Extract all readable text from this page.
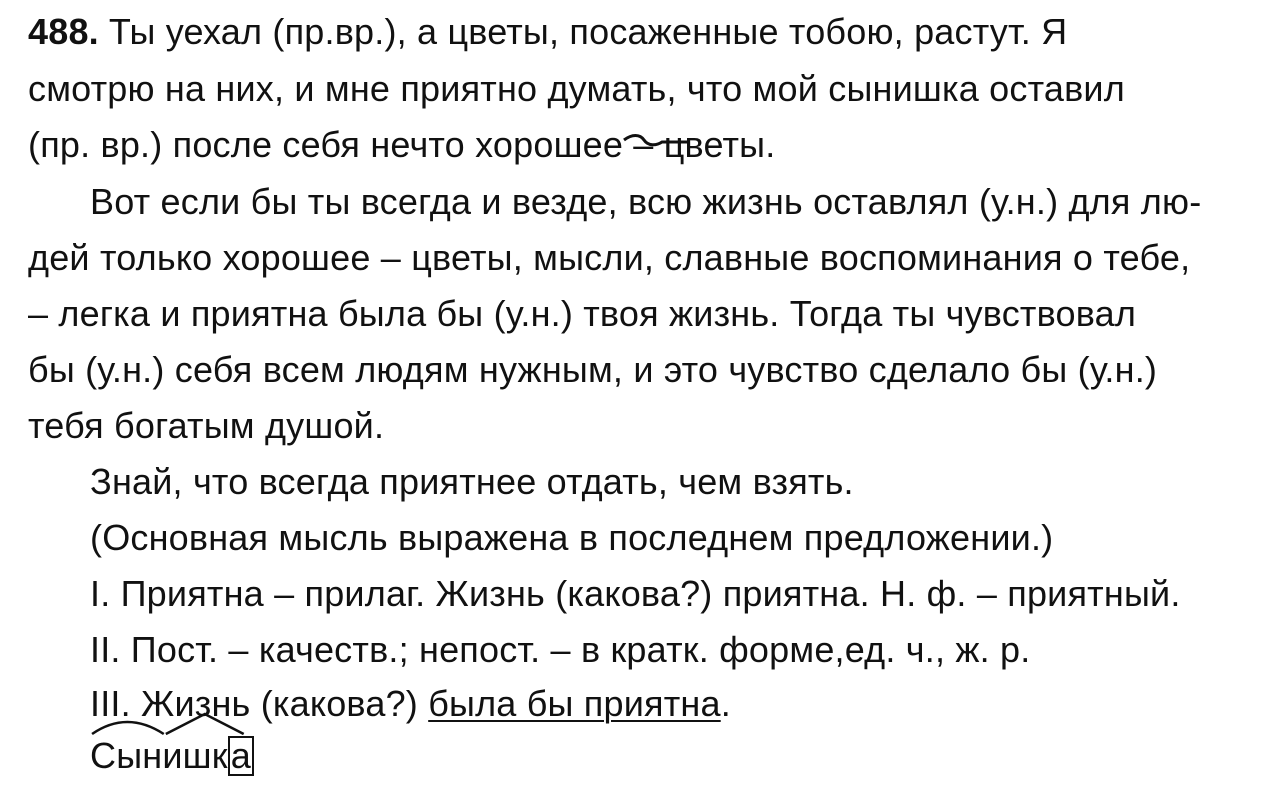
488. Ты уехал (пр.вр.), а цветы, посаженные тобою, растут. Я
смотрю на них, и мне приятно думать, что мой сынишка оставил
(пр. вр.) после себя нечто хорошее – цветы.
Вот если бы ты всегда и везде, всю жизнь оставлял (у.н.) для лю-
дей только хорошее – цветы, мысли, славные воспоминания о тебе,
– легка и приятна была бы (у.н.) твоя жизнь. Тогда ты чувствовал
бы (у.н.) себя всем людям нужным, и это чувство сделало бы (у.н.)
тебя богатым душой.
Знай, что всегда приятнее отдать, чем взять.
(Основная мысль выражена в последнем предложении.)
I. Приятна – прилаг. Жизнь (какова?) приятна. Н. ф. – приятный.
II. Пост. – качеств.; непост. – в кратк. форме,ед. ч., ж. р.
III. Жизнь (какова?) была бы приятна.
Сынишка
